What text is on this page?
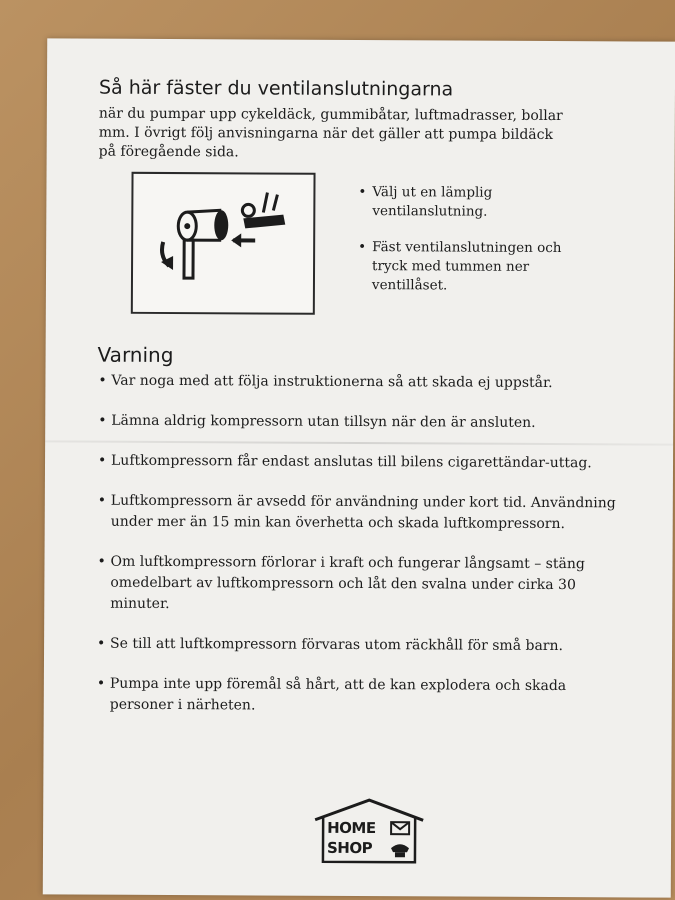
Så här fäster du ventilanslutningarna

när du pumpar upp cykeldäck, gummibåtar, luftmadrasser, bollar mm. I övrigt följ anvisningarna när det gäller att pumpa bildäck på föregående sida.

• Välj ut en lämplig ventilanslutning.
• Fäst ventilanslutningen och tryck med tummen ner ventillåset.
Varning
• Var noga med att följa instruktionerna så att skada ej uppstår.
• Lämna aldrig kompressorn utan tillsyn när den är ansluten.
• Luftkompressorn får endast anslutas till bilens cigarettändar-uttag.
• Luftkompressorn är avsedd för användning under kort tid. Användning under mer än 15 min kan överhetta och skada luftkompressorn.
• Om luftkompressorn förlorar i kraft och fungerar långsamt – stäng omedelbart av luftkompressorn och låt den svalna under cirka 30 minuter.
• Se till att luftkompressorn förvaras utom räckhåll för små barn.
• Pumpa inte upp föremål så hårt, att de kan explodera och skada personer i närheten.
HOME
SHOP
